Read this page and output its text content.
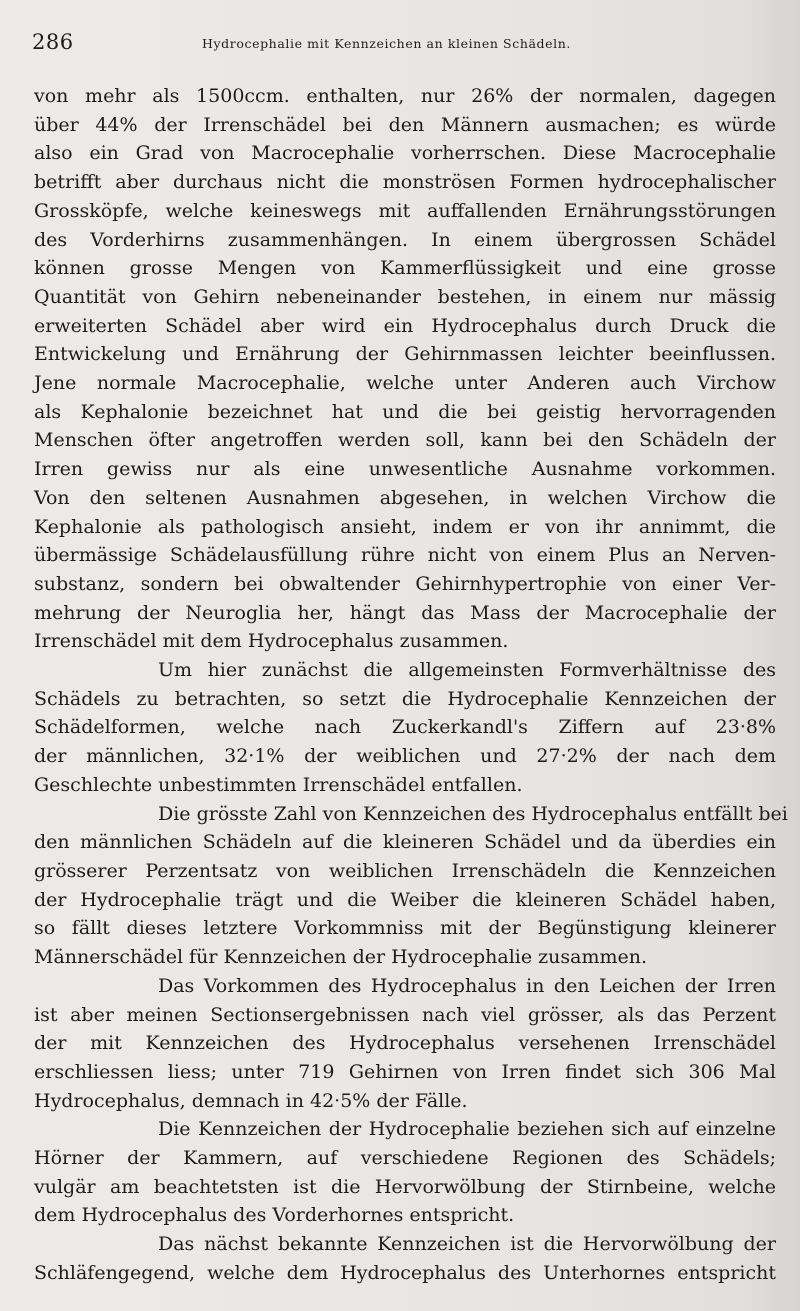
286	Hydrocephalie mit Kennzeichen an kleinen Schädeln.
von mehr als 1500ccm. enthalten, nur 26% der normalen, dagegen
über 44% der Irrenschädel bei den Männern ausmachen; es würde
also ein Grad von Macrocephalie vorherrschen. Diese Macrocephalie
betrifft aber durchaus nicht die monströsen Formen hydrocephalischer
Grossköpfe, welche keineswegs mit auffallenden Ernährungsstörungen
des Vorderhirns zusammenhängen. In einem übergrossen Schädel
können grosse Mengen von Kammerflüssigkeit und eine grosse
Quantität von Gehirn nebeneinander bestehen, in einem nur mässig
erweiterten Schädel aber wird ein Hydrocephalus durch Druck die
Entwickelung und Ernährung der Gehirnmassen leichter beeinflussen.
Jene normale Macrocephalie, welche unter Anderen auch Virchow
als Kephalonie bezeichnet hat und die bei geistig hervorragenden
Menschen öfter angetroffen werden soll, kann bei den Schädeln der
Irren gewiss nur als eine unwesentliche Ausnahme vorkommen.
Von den seltenen Ausnahmen abgesehen, in welchen Virchow die
Kephalonie als pathologisch ansieht, indem er von ihr annimmt, die
übermässige Schädelausfüllung rühre nicht von einem Plus an Nerven-
substanz, sondern bei obwaltender Gehirnhypertrophie von einer Ver-
mehrung der Neuroglia her, hängt das Mass der Macrocephalie der
Irrenschädel mit dem Hydrocephalus zusammen.
Um hier zunächst die allgemeinsten Formverhältnisse des
Schädels zu betrachten, so setzt die Hydrocephalie Kennzeichen der
Schädelformen, welche nach Zuckerkandl's Ziffern auf 23·8%
der männlichen, 32·1% der weiblichen und 27·2% der nach dem
Geschlechte unbestimmten Irrenschädel entfallen.
Die grösste Zahl von Kennzeichen des Hydrocephalus entfällt bei
den männlichen Schädeln auf die kleineren Schädel und da überdies ein
grösserer Perzentsatz von weiblichen Irrenschädeln die Kennzeichen
der Hydrocephalie trägt und die Weiber die kleineren Schädel haben,
so fällt dieses letztere Vorkommniss mit der Begünstigung kleinerer
Männerschädel für Kennzeichen der Hydrocephalie zusammen.
Das Vorkommen des Hydrocephalus in den Leichen der Irren
ist aber meinen Sectionsergebnissen nach viel grösser, als das Perzent
der mit Kennzeichen des Hydrocephalus versehenen Irrenschädel
erschliessen liess; unter 719 Gehirnen von Irren findet sich 306 Mal
Hydrocephalus, demnach in 42·5% der Fälle.
Die Kennzeichen der Hydrocephalie beziehen sich auf einzelne
Hörner der Kammern, auf verschiedene Regionen des Schädels;
vulgär am beachtetsten ist die Hervorwölbung der Stirnbeine, welche
dem Hydrocephalus des Vorderhornes entspricht.
Das nächst bekannte Kennzeichen ist die Hervorwölbung der
Schläfengegend, welche dem Hydrocephalus des Unterhornes entspricht
